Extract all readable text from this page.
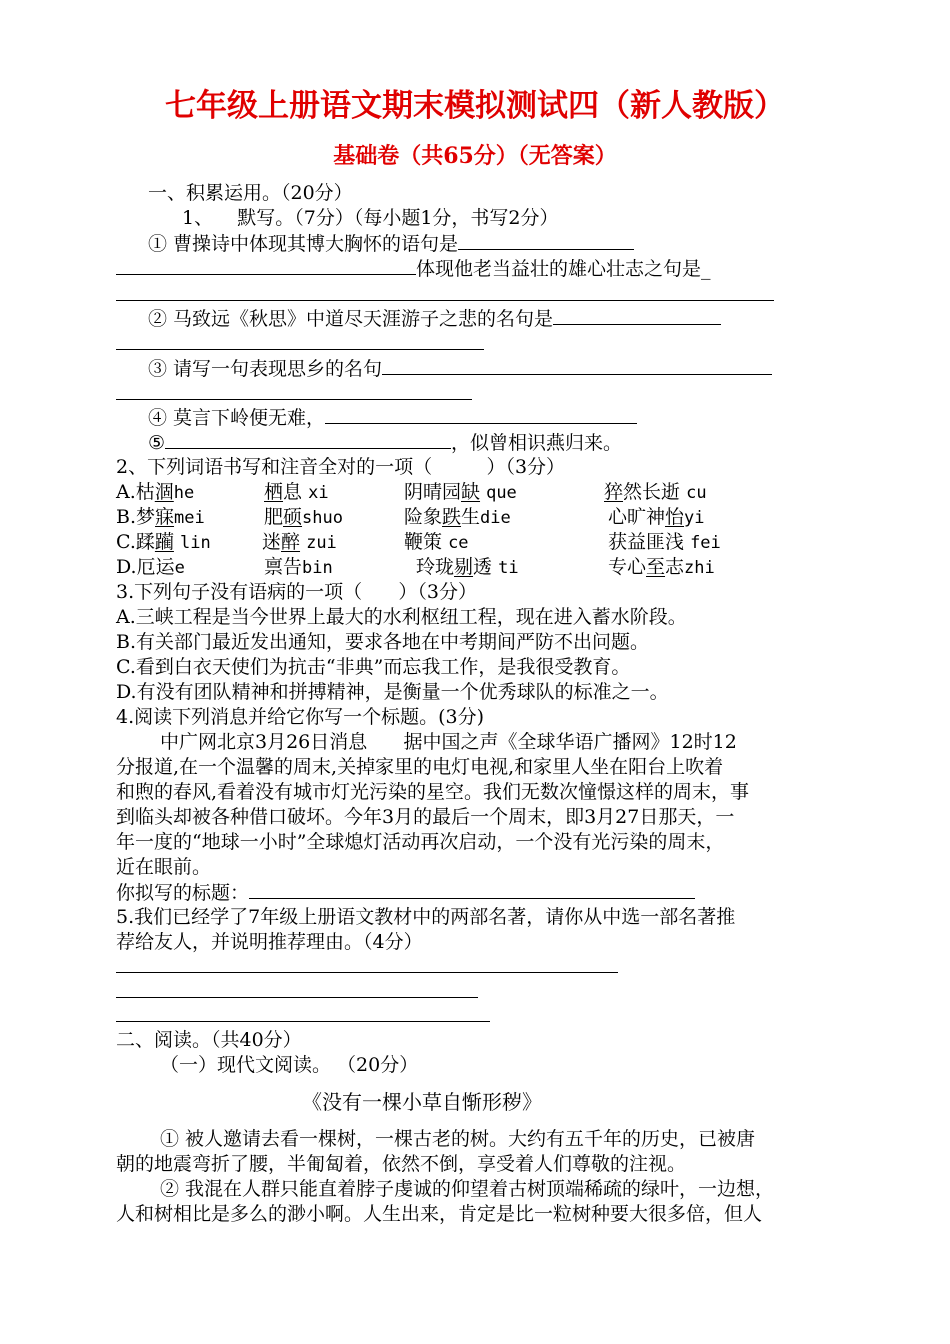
七年级上册语文期末模拟测试四（新人教版）
基础卷（共65分）（无答案）
一、积累运用。（20分）
1、    默写。（7分）（每小题1分，书写2分）
① 曹操诗中体现其博大胸怀的语句是
体现他老当益壮的雄心壮志之句是_
② 马致远《秋思》中道尽天涯游子之悲的名句是
③ 请写一句表现思乡的名句
④ 莫言下岭便无难，
⑤	，似曾相识燕归来。
2、下列词语书写和注音全对的一项（         ）（3分）
A.枯涸he	栖息 xi	阴晴园缺 que	猝然长逝 cu
B.梦寐mei	肥硕shuo	险象跌生die	心旷神怡yi
C.蹂躏 lin	迷醉 zui	鞭策 ce	获益匪浅 fei
D.厄运e	禀告bin	玲珑剔透 ti	专心至志zhi
3.下列句子没有语病的一项（      ）（3分）
A.三峡工程是当今世界上最大的水利枢纽工程，现在进入蓄水阶段。
B.有关部门最近发出通知，要求各地在中考期间严防不出问题。
C.看到白衣天使们为抗击“非典”而忘我工作，是我很受教育。
D.有没有团队精神和拼搏精神，是衡量一个优秀球队的标准之一。
4.阅读下列消息并给它你写一个标题。(3分)
中广网北京3月26日消息      据中国之声《全球华语广播网》12时12
分报道,在一个温馨的周末,关掉家里的电灯电视,和家里人坐在阳台上吹着
和煦的春风,看着没有城市灯光污染的星空。我们无数次憧憬这样的周末，事
到临头却被各种借口破坏。今年3月的最后一个周末，即3月27日那天，一
年一度的“地球一小时”全球熄灯活动再次启动，一个没有光污染的周末，
近在眼前。
你拟写的标题：
5.我们已经学了7年级上册语文教材中的两部名著，请你从中选一部名著推
荐给友人，并说明推荐理由。（4分）
二、阅读。（共40分）
（一）现代文阅读。 （20分）
《没有一棵小草自惭形秽》
① 被人邀请去看一棵树，一棵古老的树。大约有五千年的历史，已被唐
朝的地震弯折了腰，半匍匐着，依然不倒，享受着人们尊敬的注视。
② 我混在人群只能直着脖子虔诚的仰望着古树顶端稀疏的绿叶，一边想，
人和树相比是多么的渺小啊。人生出来，肯定是比一粒树种要大很多倍，但人
